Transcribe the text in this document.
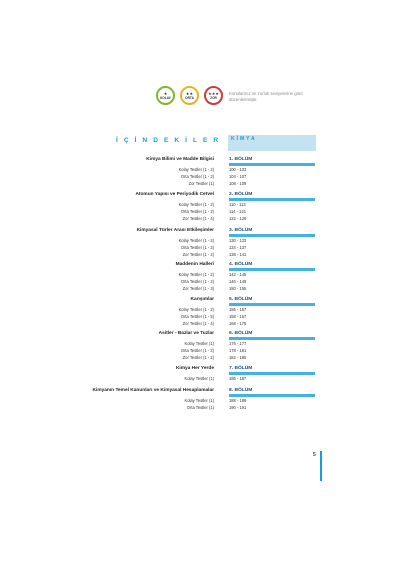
★
KOLAY
★★
ORTA
★★★
ZOR
Konularınız ve zorluk seviyelerine göre düzenlenmiştir.
İÇİNDEKİLER KİMYA
Kimya Bilimi ve Madde Bilgisi	1. BÖLÜM
Kolay Testler (1 - 2)	100 - 103
Orta Testler (1 - 2)	104 - 107
Zor Testler (1)	108 - 109
Atomun Yapısı ve Periyodik Cetvel	2. BÖLÜM
Kolay Testler (1 - 2)	110 - 113
Orta Testler (1 - 2)	114 - 121
Zor Testler (1 - 4)	122 - 129
Kimyasal Türler Arası Etkileşimler	3. BÖLÜM
Kolay Testler (1 - 2)	130 - 133
Orta Testler (1 - 2)	134 - 137
Zor Testler (1 - 2)	138 - 141
Maddenin Halleri	4. BÖLÜM
Kolay Testler (1 - 2)	142 - 145
Orta Testler (1 - 2)	146 - 149
Zor Testler (1 - 3)	150 - 155
Karışımlar	5. BÖLÜM
Kolay Testler (1 - 2)	156 - 157
Orta Testler (1 - 5)	158 - 167
Zor Testler (1 - 4)	168 - 175
Asitler - Bazlar ve Tuzlar	6. BÖLÜM
Kolay Testler (1)	176 - 177
Orta Testler (1 - 2)	178 - 181
Zor Testler (1 - 2)	182 - 185
Kimya Her Yerde	7. BÖLÜM
Kolay Testler (1)	186 - 187
Kimyanın Temel Kanunları ve Kimyasal Hesaplamalar	8. BÖLÜM
Kolay Testler (1)	188 - 189
Orta Testler (1)	190 - 191
5
